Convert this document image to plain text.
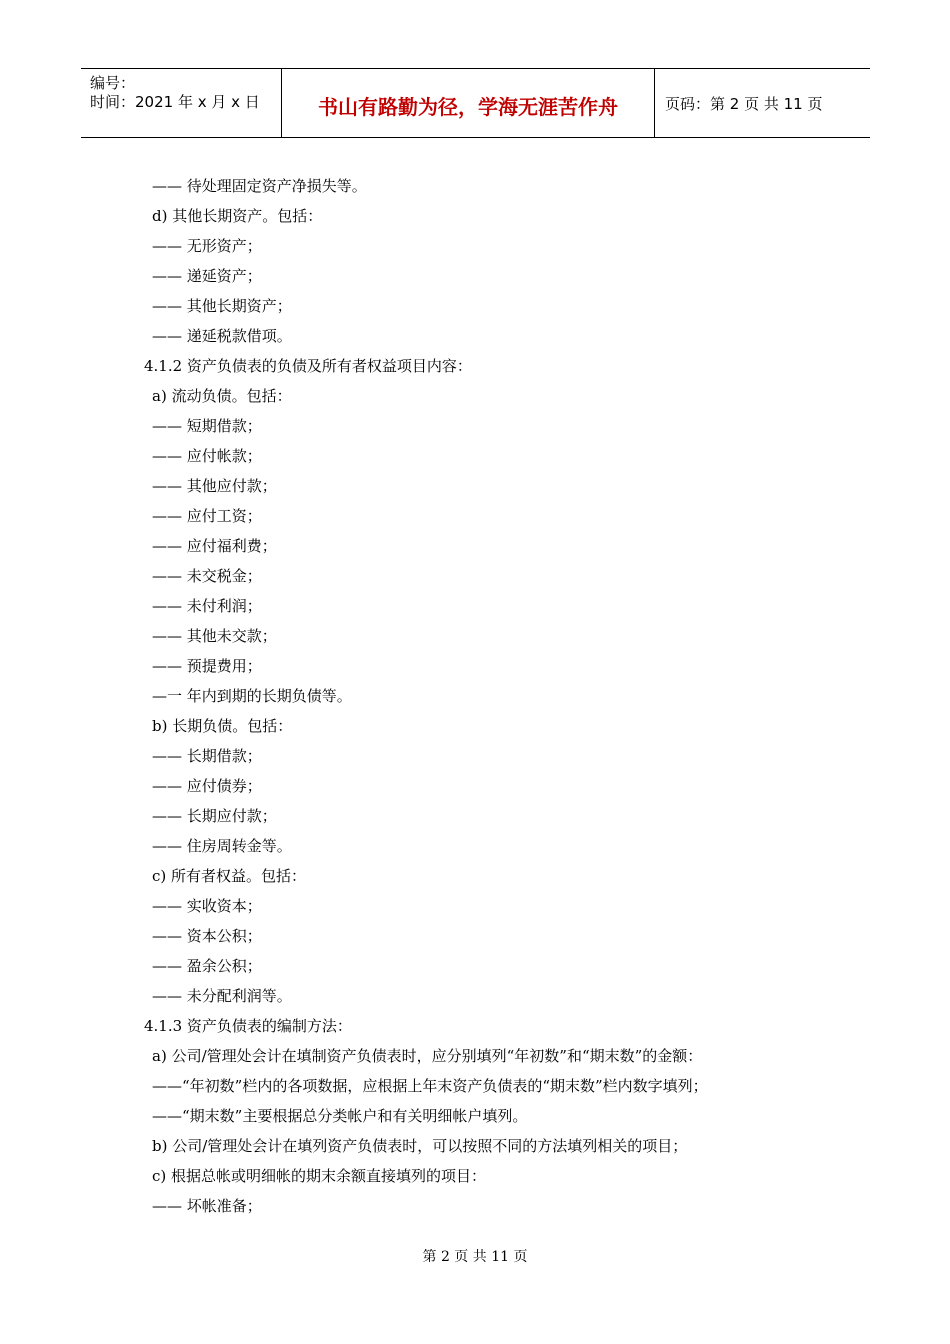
编号：
时间：2021 年 x 月 x 日	书山有路勤为径，学海无涯苦作舟	页码：第 2 页 共 11 页
—— 待处理固定资产净损失等。
d) 其他长期资产。包括：
—— 无形资产；
—— 递延资产；
—— 其他长期资产；
—— 递延税款借项。
4.1.2 资产负债表的负债及所有者权益项目内容：
a) 流动负债。包括：
—— 短期借款；
—— 应付帐款；
—— 其他应付款；
—— 应付工资；
—— 应付福利费；
—— 未交税金；
—— 未付利润；
—— 其他未交款；
—— 预提费用；
—一 年内到期的长期负债等。
b) 长期负债。包括：
—— 长期借款；
—— 应付债券；
—— 长期应付款；
—— 住房周转金等。
c) 所有者权益。包括：
—— 实收资本；
—— 资本公积；
—— 盈余公积；
—— 未分配利润等。
4.1.3 资产负债表的编制方法：
a) 公司/管理处会计在填制资产负债表时，应分别填列“年初数”和“期末数”的金额：
——“年初数”栏内的各项数据，应根据上年末资产负债表的“期末数”栏内数字填列；
——“期末数”主要根据总分类帐户和有关明细帐户填列。
b) 公司/管理处会计在填列资产负债表时，可以按照不同的方法填列相关的项目；
c) 根据总帐或明细帐的期末余额直接填列的项目：
—— 坏帐准备；
第 2 页 共 11 页
